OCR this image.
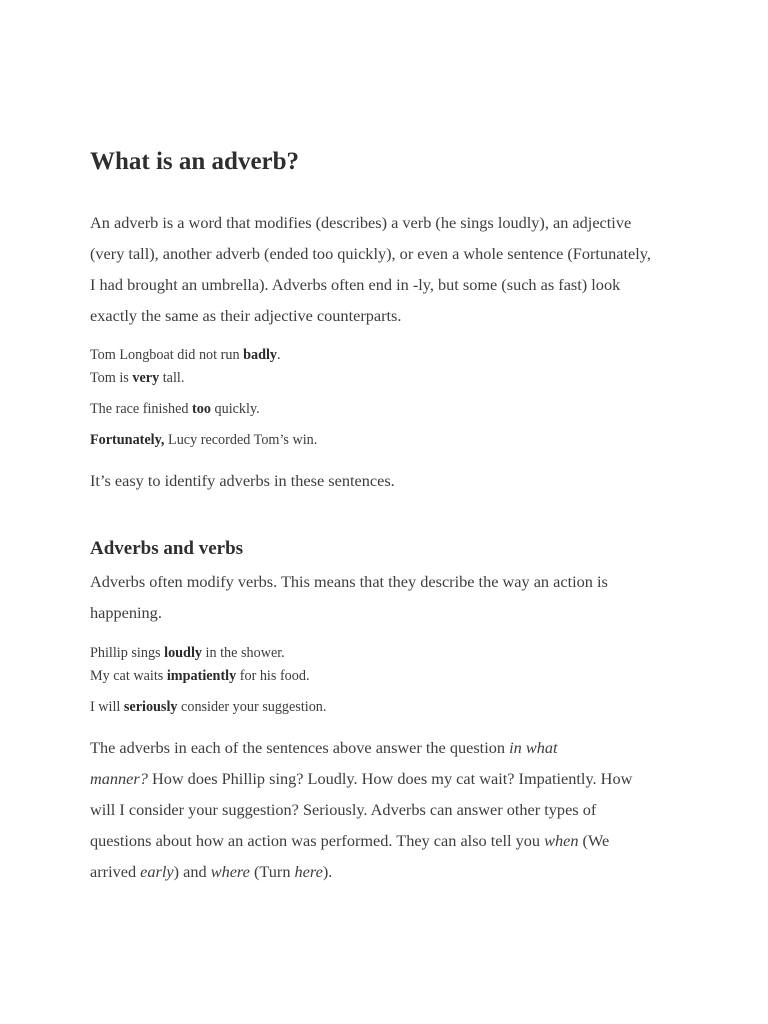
What is an adverb?

An adverb is a word that modifies (describes) a verb (he sings loudly), an adjective
(very tall), another adverb (ended too quickly), or even a whole sentence (Fortunately,
I had brought an umbrella). Adverbs often end in -ly, but some (such as fast) look
exactly the same as their adjective counterparts.

Tom Longboat did not run badly.

Tom is very tall.

The race finished too quickly.

Fortunately, Lucy recorded Tom’s win.

It’s easy to identify adverbs in these sentences.

Adverbs and verbs

Adverbs often modify verbs. This means that they describe the way an action is
happening.

Phillip sings loudly in the shower.

My cat waits impatiently for his food.

I will seriously consider your suggestion.

The adverbs in each of the sentences above answer the question in what
manner? How does Phillip sing? Loudly. How does my cat wait? Impatiently. How
will I consider your suggestion? Seriously. Adverbs can answer other types of
questions about how an action was performed. They can also tell you when (We
arrived early) and where (Turn here).
